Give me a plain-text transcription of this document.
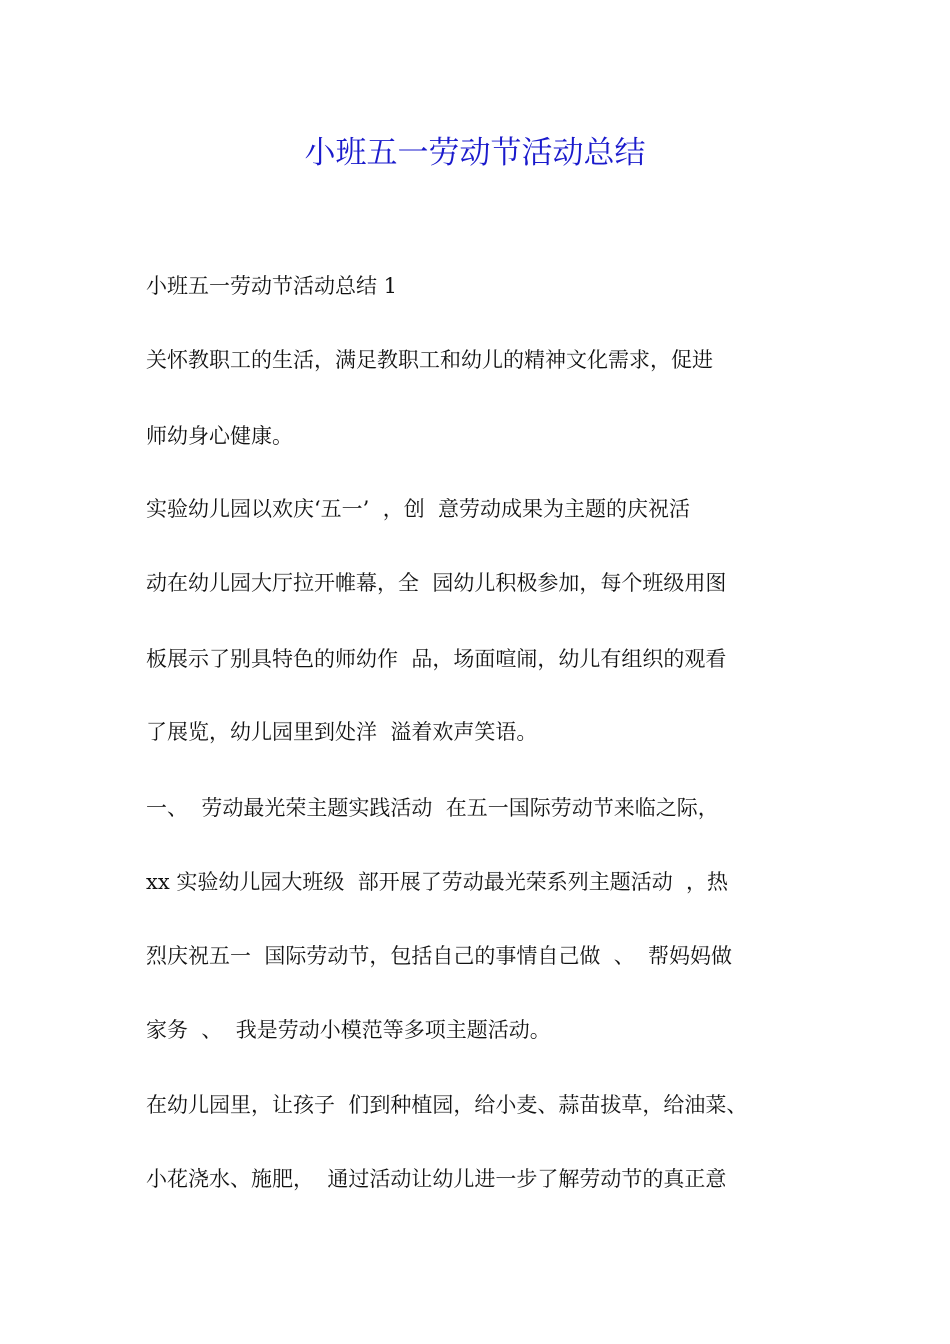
小班五一劳动节活动总结
小班五一劳动节活动总结 1
关怀教职工的生活，满足教职工和幼儿的精神文化需求，促进
师幼身心健康。
实验幼儿园以欢庆‘五一’  ，创  意劳动成果为主题的庆祝活
动在幼儿园大厅拉开帷幕，全  园幼儿积极参加，每个班级用图
板展示了别具特色的师幼作  品，场面喧闹，幼儿有组织的观看
了展览，幼儿园里到处洋  溢着欢声笑语。
一、  劳动最光荣主题实践活动  在五一国际劳动节来临之际，
xx 实验幼儿园大班级  部开展了劳动最光荣系列主题活动  ，热
烈庆祝五一  国际劳动节，包括自己的事情自己做  、  帮妈妈做
家务  、  我是劳动小模范等多项主题活动。
在幼儿园里，让孩子  们到种植园，给小麦、蒜苗拔草，给油菜、
小花浇水、施肥，  通过活动让幼儿进一步了解劳动节的真正意
